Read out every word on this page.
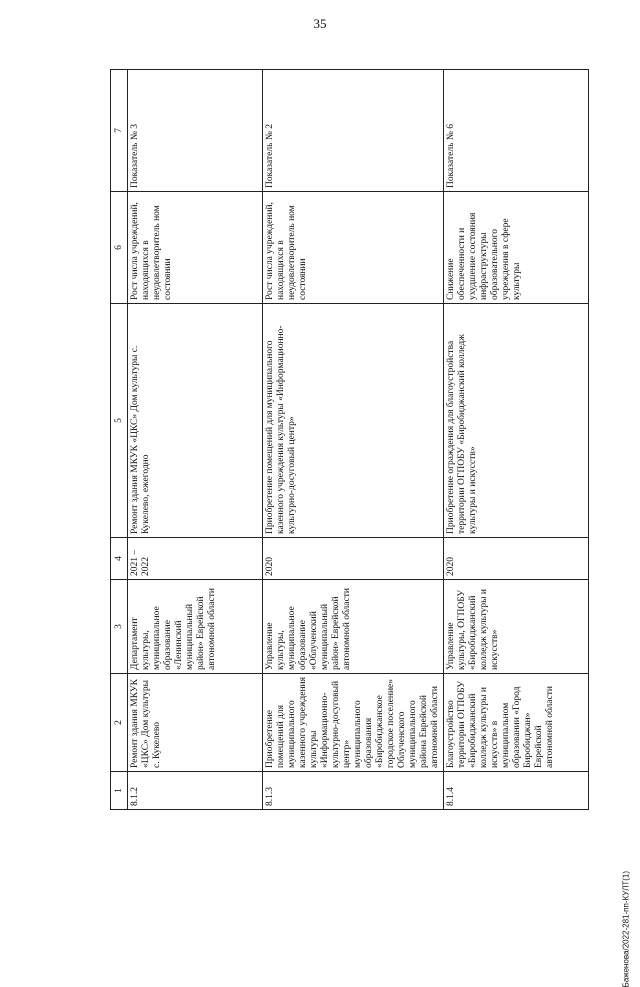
35
1	2	3	4	5	6	7
8.1.2	Ремонт здания МКУК «ЦКС» Дом культуры с. Кукелево	Департамент культуры, муниципальное образование «Ленинский муниципальный район» Еврейской автономной области	2021 – 2022	Ремонт здания МКУК «ЦКС» Дом культуры с. Кукелево, ежегодно	Рост числа учреждений, находящихся в неудовлетворитель ном состоянии	Показатель № 3
8.1.3	Приобретение помещений для муниципального казенного учреждения культуры «Информационно-культурно-досуговый центр» муниципального образования «Биробиджанское городское поселение» Облученского муниципального района Еврейской автономной области	Управление культуры, муниципальное образование «Облученский муниципальный район» Еврейской автономной области	2020	Приобретение помещений для муниципального казенного учреждения культуры «Информационно-культурно-досуговый центр»	Рост числа учреждений, находящихся в неудовлетворитель ном состоянии	Показатель № 2
8.1.4	Благоустройство территории ОГПОБУ «Биробиджанский колледж культуры и искусств» в муниципальном образовании «Город Биробиджан» Еврейской автономной области	Управление культуры, ОГПОБУ «Биробиджанский колледж культуры и искусств»	2020	Приобретение ограждения для благоустройства территории ОГПОБУ «Биробиджанский колледж культуры и искусств»	Снижение обеспеченности и ухудшение состояния инфраструктуры образовательного учреждения в сфере культуры	Показатель № 6
Баженова/2022-281-пп-КУЛТ(1)
